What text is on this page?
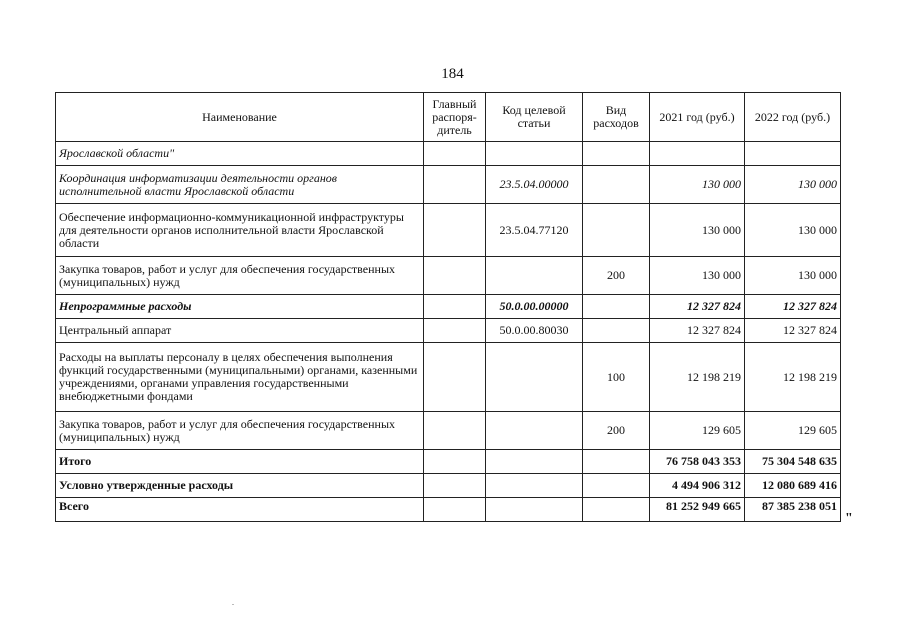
184
Наименование	Главный распоря-дитель	Код целевой статьи	Вид расходов	2021 год (руб.)	2022 год (руб.)
Ярославской области"					
Координация информатизации деятельности органов исполнительной власти Ярославской области		23.5.04.00000		130 000	130 000
Обеспечение информационно-коммуникационной инфраструктуры для деятельности органов исполнительной власти Ярославской области		23.5.04.77120		130 000	130 000
Закупка товаров, работ и услуг для обеспечения государственных (муниципальных) нужд			200	130 000	130 000
Непрограммные расходы		50.0.00.00000		12 327 824	12 327 824
Центральный аппарат		50.0.00.80030		12 327 824	12 327 824
Расходы на выплаты персоналу в целях обеспечения выполнения функций государственными (муниципальными) органами, казенными учреждениями, органами управления государственными внебюджетными фондами			100	12 198 219	12 198 219
Закупка товаров, работ и услуг для обеспечения государственных (муниципальных) нужд			200	129 605	129 605
Итого				76 758 043 353	75 304 548 635
Условно утвержденные расходы				4 494 906 312	12 080 689 416
Всего				81 252 949 665	87 385 238 051
"
